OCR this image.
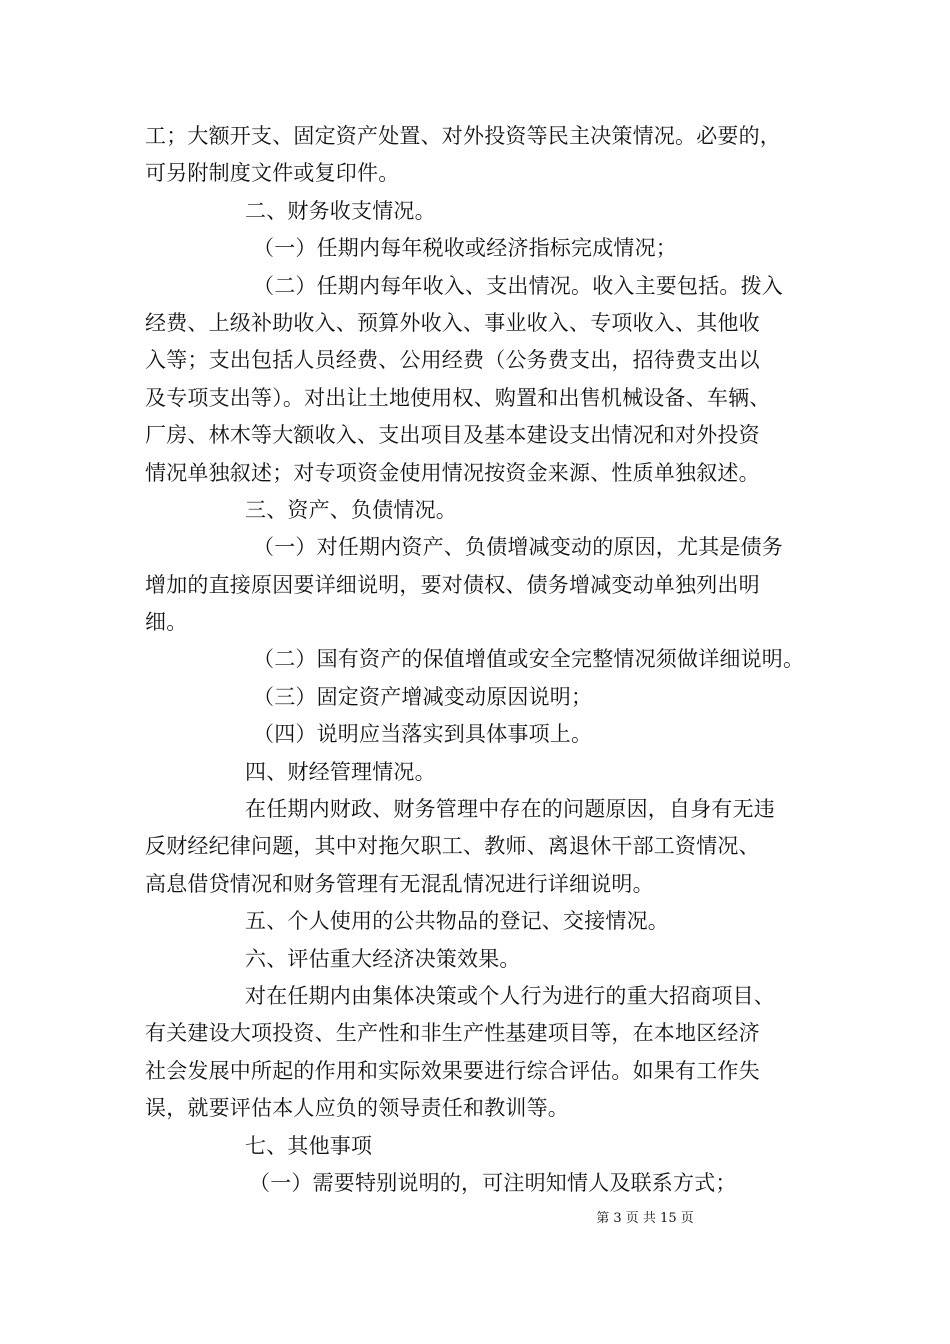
工；大额开支、固定资产处置、对外投资等民主决策情况。必要的，
可另附制度文件或复印件。
二、财务收支情况。
（一）任期内每年税收或经济指标完成情况；
（二）任期内每年收入、支出情况。收入主要包括。拨入
经费、上级补助收入、预算外收入、事业收入、专项收入、其他收
入等；支出包括人员经费、公用经费（公务费支出，招待费支出以
及专项支出等）。对出让土地使用权、购置和出售机械设备、车辆、
厂房、林木等大额收入、支出项目及基本建设支出情况和对外投资
情况单独叙述；对专项资金使用情况按资金来源、性质单独叙述。
三、资产、负债情况。
（一）对任期内资产、负债增减变动的原因，尤其是债务
增加的直接原因要详细说明，要对债权、债务增减变动单独列出明
细。
（二）国有资产的保值增值或安全完整情况须做详细说明。
（三）固定资产增减变动原因说明；
（四）说明应当落实到具体事项上。
四、财经管理情况。
在任期内财政、财务管理中存在的问题原因，自身有无违
反财经纪律问题，其中对拖欠职工、教师、离退休干部工资情况、
高息借贷情况和财务管理有无混乱情况进行详细说明。
五、个人使用的公共物品的登记、交接情况。
六、评估重大经济决策效果。
对在任期内由集体决策或个人行为进行的重大招商项目、
有关建设大项投资、生产性和非生产性基建项目等，在本地区经济
社会发展中所起的作用和实际效果要进行综合评估。如果有工作失
误，就要评估本人应负的领导责任和教训等。
七、其他事项
（一）需要特别说明的，可注明知情人及联系方式；
第 3 页 共 15 页
